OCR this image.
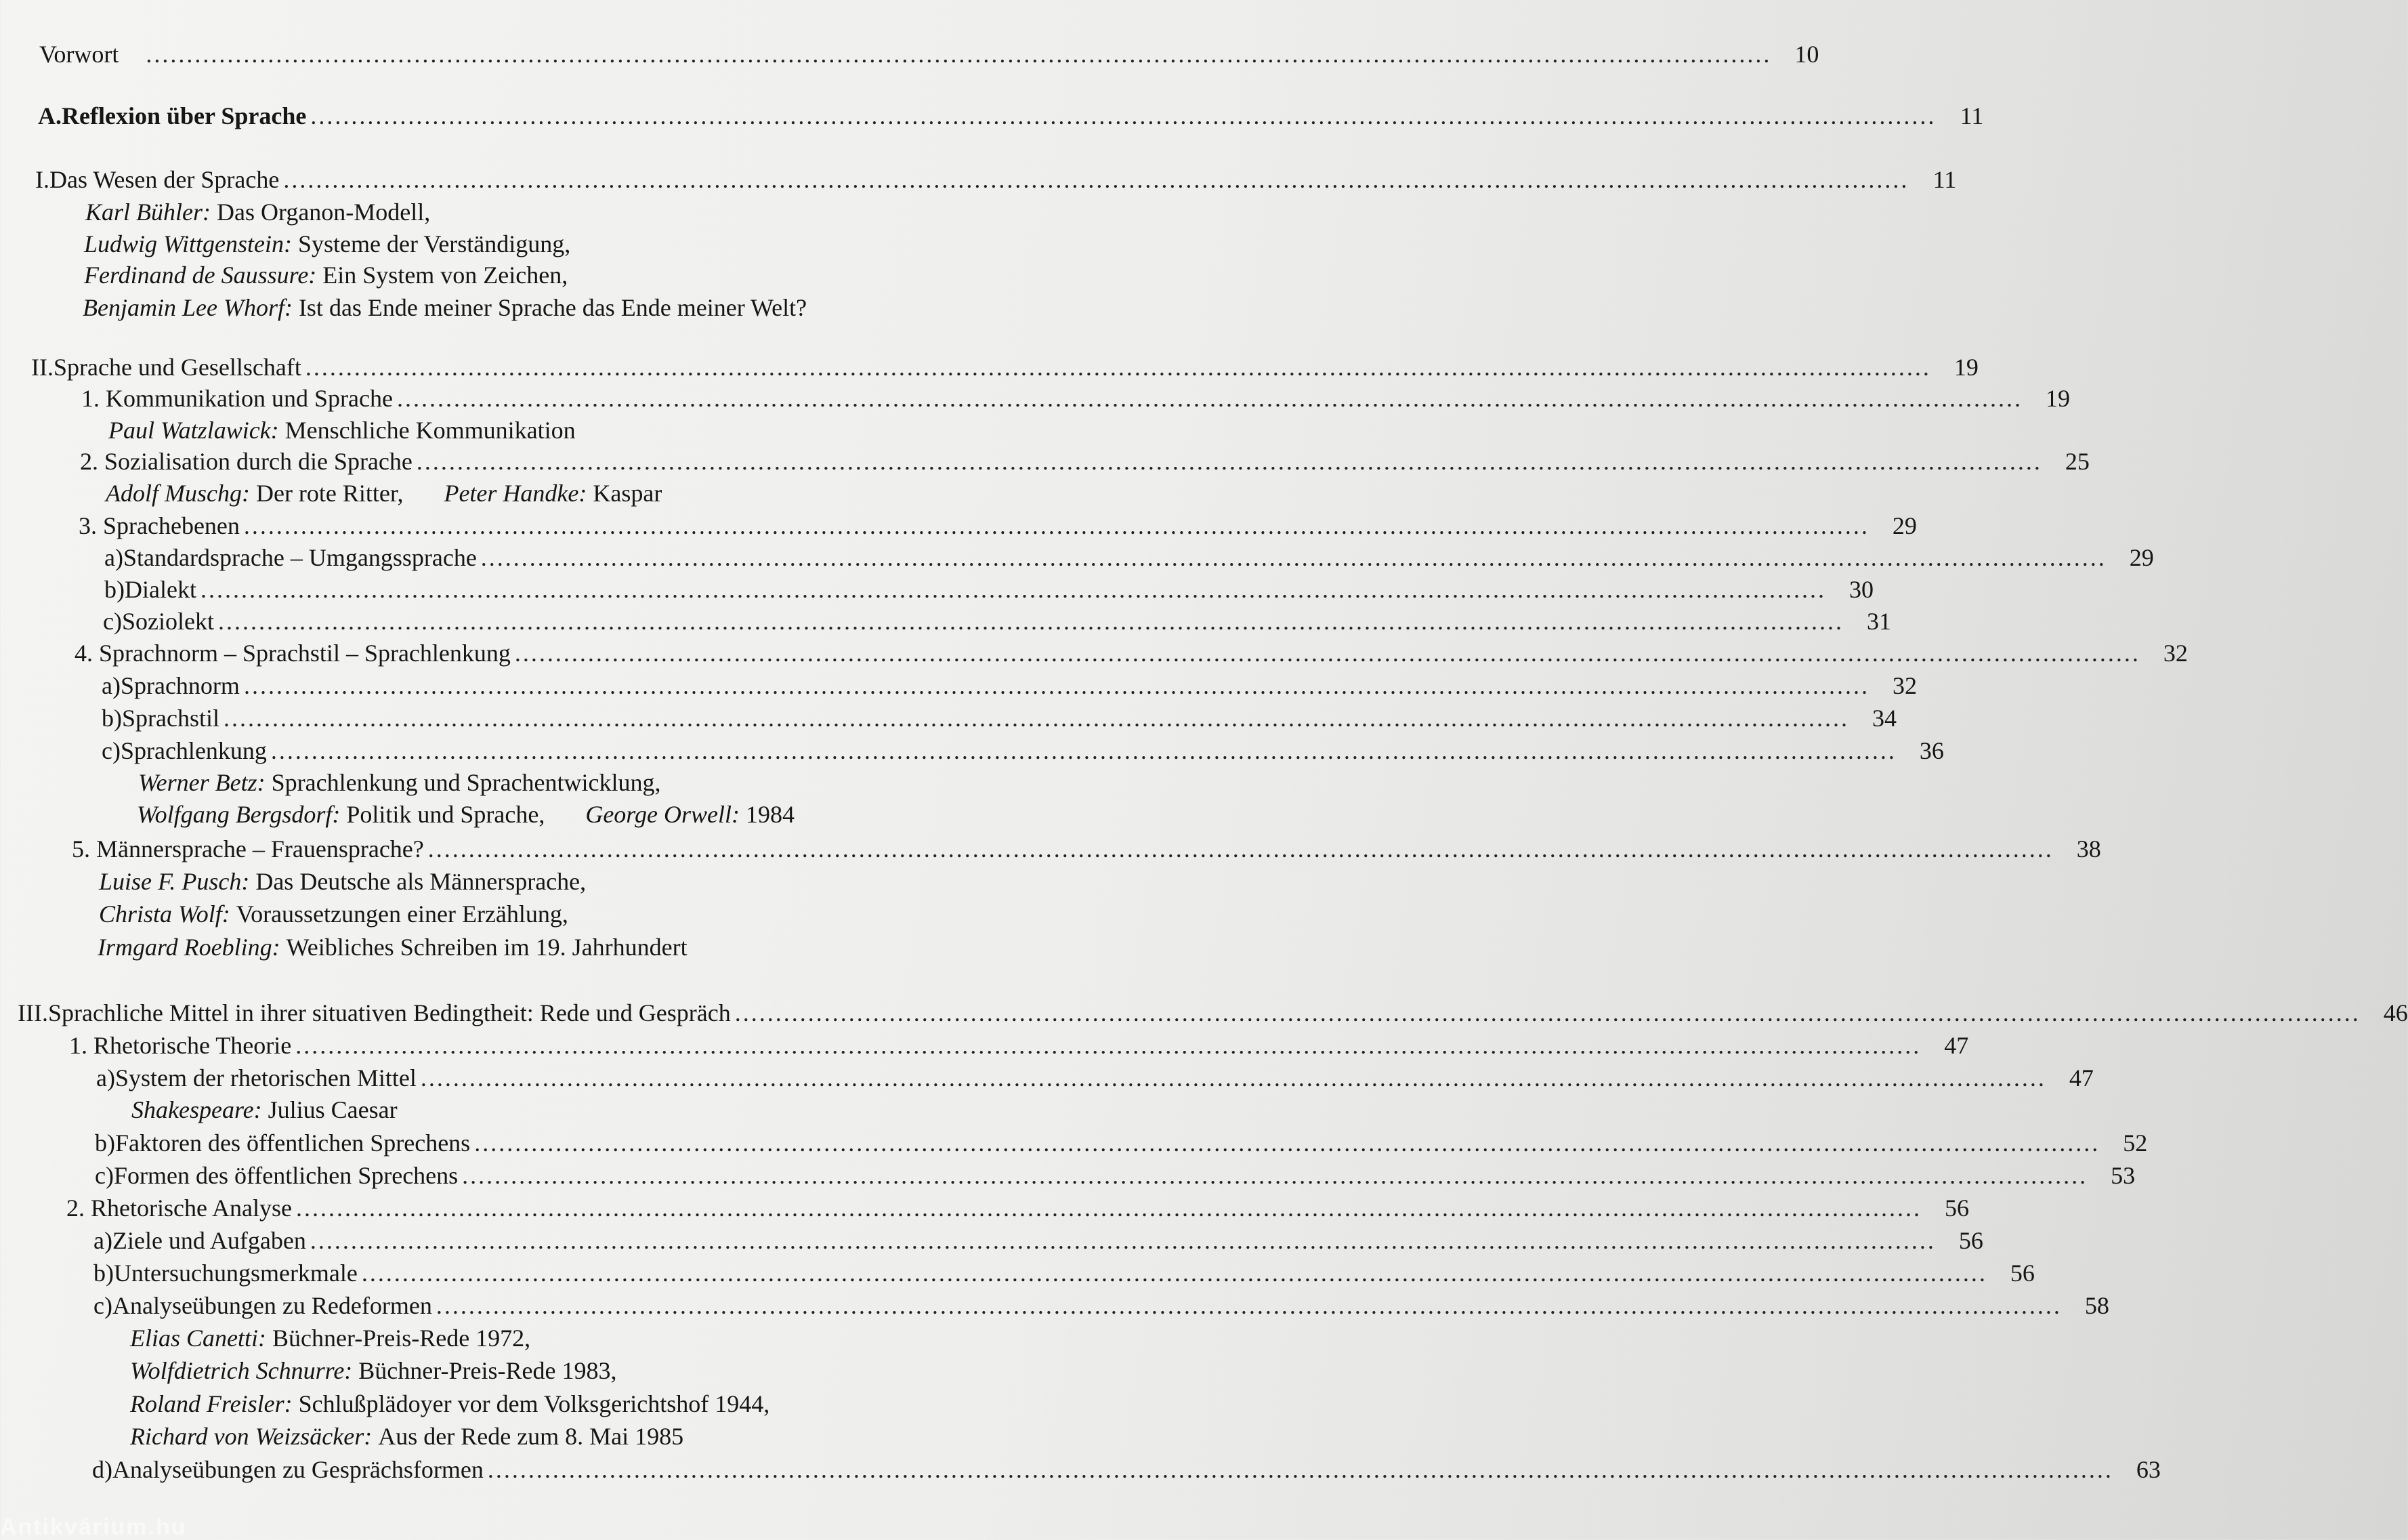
Vorwort ........................................................................................................................................................................................................ 10
A. Reflexion über Sprache ........................................................................................................................................................................................................ 11
I. Das Wesen der Sprache ........................................................................................................................................................................................................ 11
Karl Bühler:
Das Organon-Modell,
Ludwig Wittgenstein:
Systeme der Verständigung,
Ferdinand de Saussure:
Ein System von Zeichen,
Benjamin Lee Whorf:
Ist das Ende meiner Sprache das Ende meiner Welt?
II. Sprache und Gesellschaft ........................................................................................................................................................................................................ 19
1. Kommunikation und Sprache ........................................................................................................................................................................................................ 19
Paul Watzlawick:
Menschliche Kommunikation
2. Sozialisation durch die Sprache ........................................................................................................................................................................................................ 25
Adolf Muschg:
Der rote Ritter, Peter Handke:
Kaspar
3. Sprachebenen ........................................................................................................................................................................................................ 29
a) Standardsprache – Umgangssprache ........................................................................................................................................................................................................ 29
b) Dialekt ........................................................................................................................................................................................................ 30
c) Soziolekt ........................................................................................................................................................................................................ 31
4. Sprachnorm – Sprachstil – Sprachlenkung ........................................................................................................................................................................................................ 32
a) Sprachnorm ........................................................................................................................................................................................................ 32
b) Sprachstil ........................................................................................................................................................................................................ 34
c) Sprachlenkung ........................................................................................................................................................................................................ 36
Werner Betz:
Sprachlenkung und Sprachentwicklung,
Wolfgang Bergsdorf:
Politik und Sprache, George Orwell:
1984
5. Männersprache – Frauensprache? ........................................................................................................................................................................................................ 38
Luise F. Pusch:
Das Deutsche als Männersprache,
Christa Wolf:
Voraussetzungen einer Erzählung,
Irmgard Roebling:
Weibliches Schreiben im 19. Jahrhundert
III. Sprachliche Mittel in ihrer situativen Bedingtheit: Rede und Gespräch ........................................................................................................................................................................................................ 46
1. Rhetorische Theorie ........................................................................................................................................................................................................ 47
a) System der rhetorischen Mittel ........................................................................................................................................................................................................ 47
Shakespeare:
Julius Caesar
b) Faktoren des öffentlichen Sprechens ........................................................................................................................................................................................................ 52
c) Formen des öffentlichen Sprechens ........................................................................................................................................................................................................ 53
2. Rhetorische Analyse ........................................................................................................................................................................................................ 56
a) Ziele und Aufgaben ........................................................................................................................................................................................................ 56
b) Untersuchungsmerkmale ........................................................................................................................................................................................................ 56
c) Analyseübungen zu Redeformen ........................................................................................................................................................................................................ 58
Elias Canetti:
Büchner-Preis-Rede 1972,
Wolfdietrich Schnurre:
Büchner-Preis-Rede 1983,
Roland Freisler:
Schlußplädoyer vor dem Volksgerichtshof 1944,
Richard von Weizsäcker:
Aus der Rede zum 8. Mai 1985
d) Analyseübungen zu Gesprächsformen ........................................................................................................................................................................................................ 63
Antikvárium.hu
